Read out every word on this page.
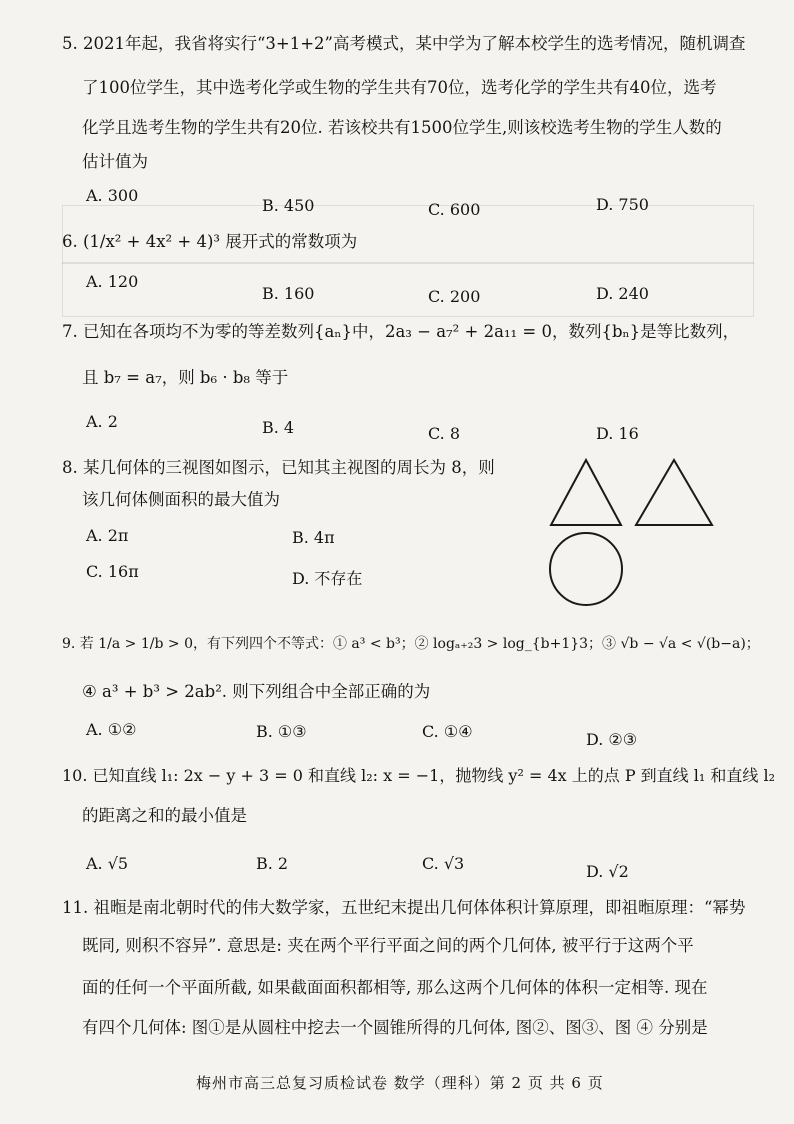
5. 2021年起，我省将实行“3+1+2”高考模式，某中学为了解本校学生的选考情况，随机调查
了100位学生，其中选考化学或生物的学生共有70位，选考化学的学生共有40位，选考
化学且选考生物的学生共有20位. 若该校共有1500位学生,则该校选考生物的学生人数的
估计值为
A. 300
B. 450	C. 600	D. 750
6. (1/x² + 4x² + 4)³ 展开式的常数项为
A. 120
B. 160	C. 200	D. 240
7. 已知在各项均不为零的等差数列{aₙ}中，2a₃ − a₇² + 2a₁₁ = 0，数列{bₙ}是等比数列，
且 b₇ = a₇，则 b₆ · b₈ 等于
A. 2	B. 4	C. 8	D. 16
8. 某几何体的三视图如图示，已知其主视图的周长为 8，则
该几何体侧面积的最大值为
A. 2π	B. 4π
C. 16π	D. 不存在
9. 若 1/a > 1/b > 0，有下列四个不等式：① a³ < b³；② logₐ₊₂3 > log_{b+1}3；③ √b − √a < √(b−a)；
④ a³ + b³ > 2ab². 则下列组合中全部正确的为
A. ①②	B. ①③	C. ①④	D. ②③
10. 已知直线 l₁: 2x − y + 3 = 0 和直线 l₂: x = −1，抛物线 y² = 4x 上的点 P 到直线 l₁ 和直线 l₂
的距离之和的最小值是
A. √5	B. 2	C. √3	D. √2
11. 祖暅是南北朝时代的伟大数学家，五世纪末提出几何体体积计算原理，即祖暅原理：“幂势
既同, 则积不容异”. 意思是: 夹在两个平行平面之间的两个几何体, 被平行于这两个平
面的任何一个平面所截, 如果截面面积都相等, 那么这两个几何体的体积一定相等. 现在
有四个几何体: 图①是从圆柱中挖去一个圆锥所得的几何体, 图②、图③、图 ④ 分别是
梅州市高三总复习质检试卷 数学（理科）第 2 页 共 6 页
